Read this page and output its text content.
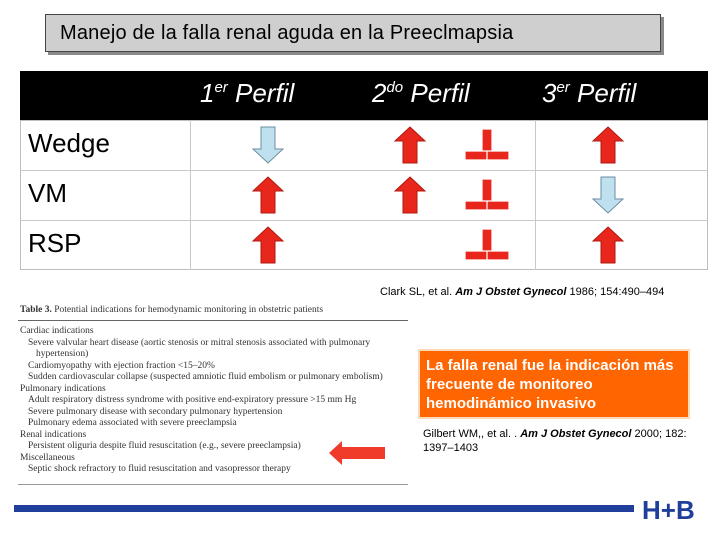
Manejo de la falla renal aguda en la Preeclmapsia
1er Perfil	$2^{do}$ Perfil	3er Perfil
Wedge
VM
RSP
Clark SL, et al. Am J Obstet Gynecol 1986; 154:490–494
La falla renal fue la indicación más frecuente de monitoreo hemodinámico invasivo
Gilbert WM,, et al. . Am J Obstet Gynecol 2000; 182:
1397–1403
Table 3. Potential indications for hemodynamic monitoring in obstetric patients
Cardiac indications
Severe valvular heart disease (aortic stenosis or mitral stenosis associated with pulmonary
hypertension)
Cardiomyopathy with ejection fraction <15–20%
Sudden cardiovascular collapse (suspected amniotic fluid embolism or pulmonary embolism)
Pulmonary indications
Adult respiratory distress syndrome with positive end-expiratory pressure >15 mm Hg
Severe pulmonary disease with secondary pulmonary hypertension
Pulmonary edema associated with severe preeclampsia
Renal indications
Persistent oliguria despite fluid resuscitation (e.g., severe preeclampsia)
Miscellaneous
Septic shock refractory to fluid resuscitation and vasopressor therapy
H+B
